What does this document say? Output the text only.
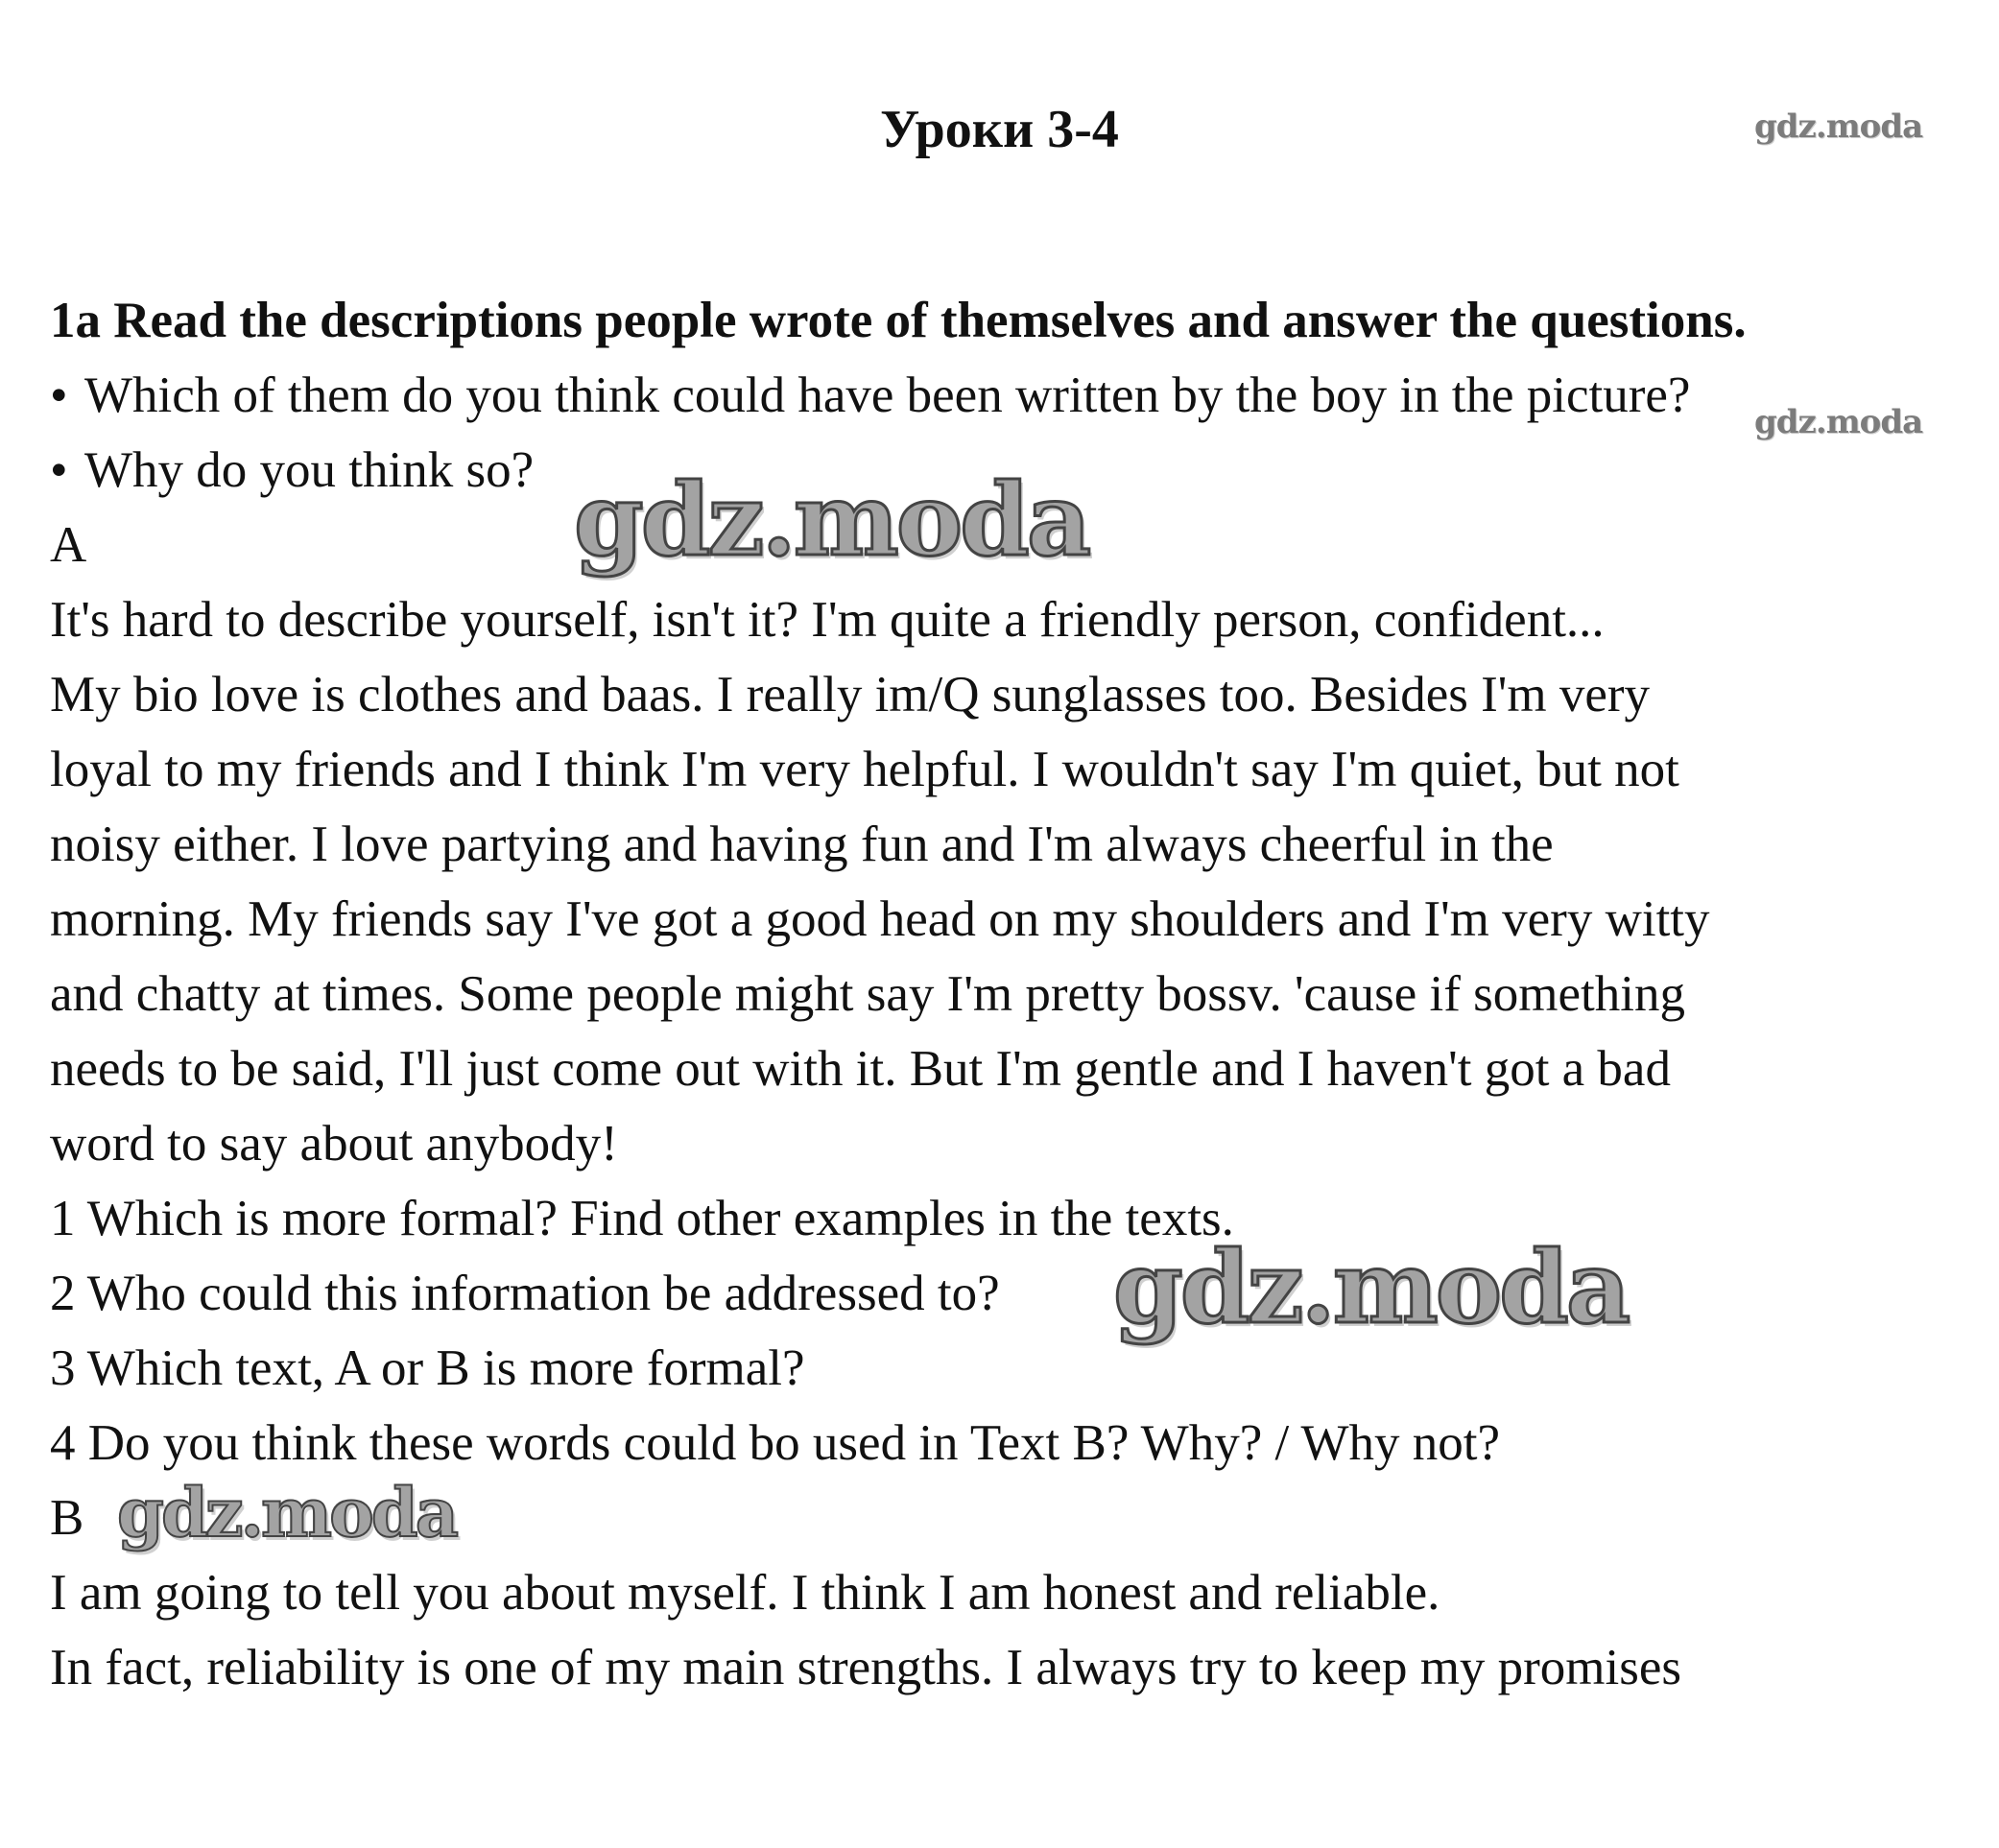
Уроки 3-4
1a Read the descriptions people wrote of themselves and answer the questions.
• Which of them do you think could have been written by the boy in the picture?
• Why do you think so?
A
It's hard to describe yourself, isn't it? I'm quite a friendly person, confident...
My bio love is clothes and baas. I really im/Q sunglasses too. Besides I'm very
loyal to my friends and I think I'm very helpful. I wouldn't say I'm quiet, but not
noisy either. I love partying and having fun and I'm always cheerful in the
morning. My friends say I've got a good head on my shoulders and I'm very witty
and chatty at times. Some people might say I'm pretty bossv. 'cause if something
needs to be said, I'll just come out with it. But I'm gentle and I haven't got a bad
word to say about anybody!
1 Which is more formal? Find other examples in the texts.
2 Who could this information be addressed to?
3 Which text, A or B is more formal?
4 Do you think these words could bo used in Text B? Why? / Why not?
B
I am going to tell you about myself. I think I am honest and reliable.
In fact, reliability is one of my main strengths. I always try to keep my promises
gdz.moda
gdz.moda
gdz.moda
gdz.moda
gdz.moda
